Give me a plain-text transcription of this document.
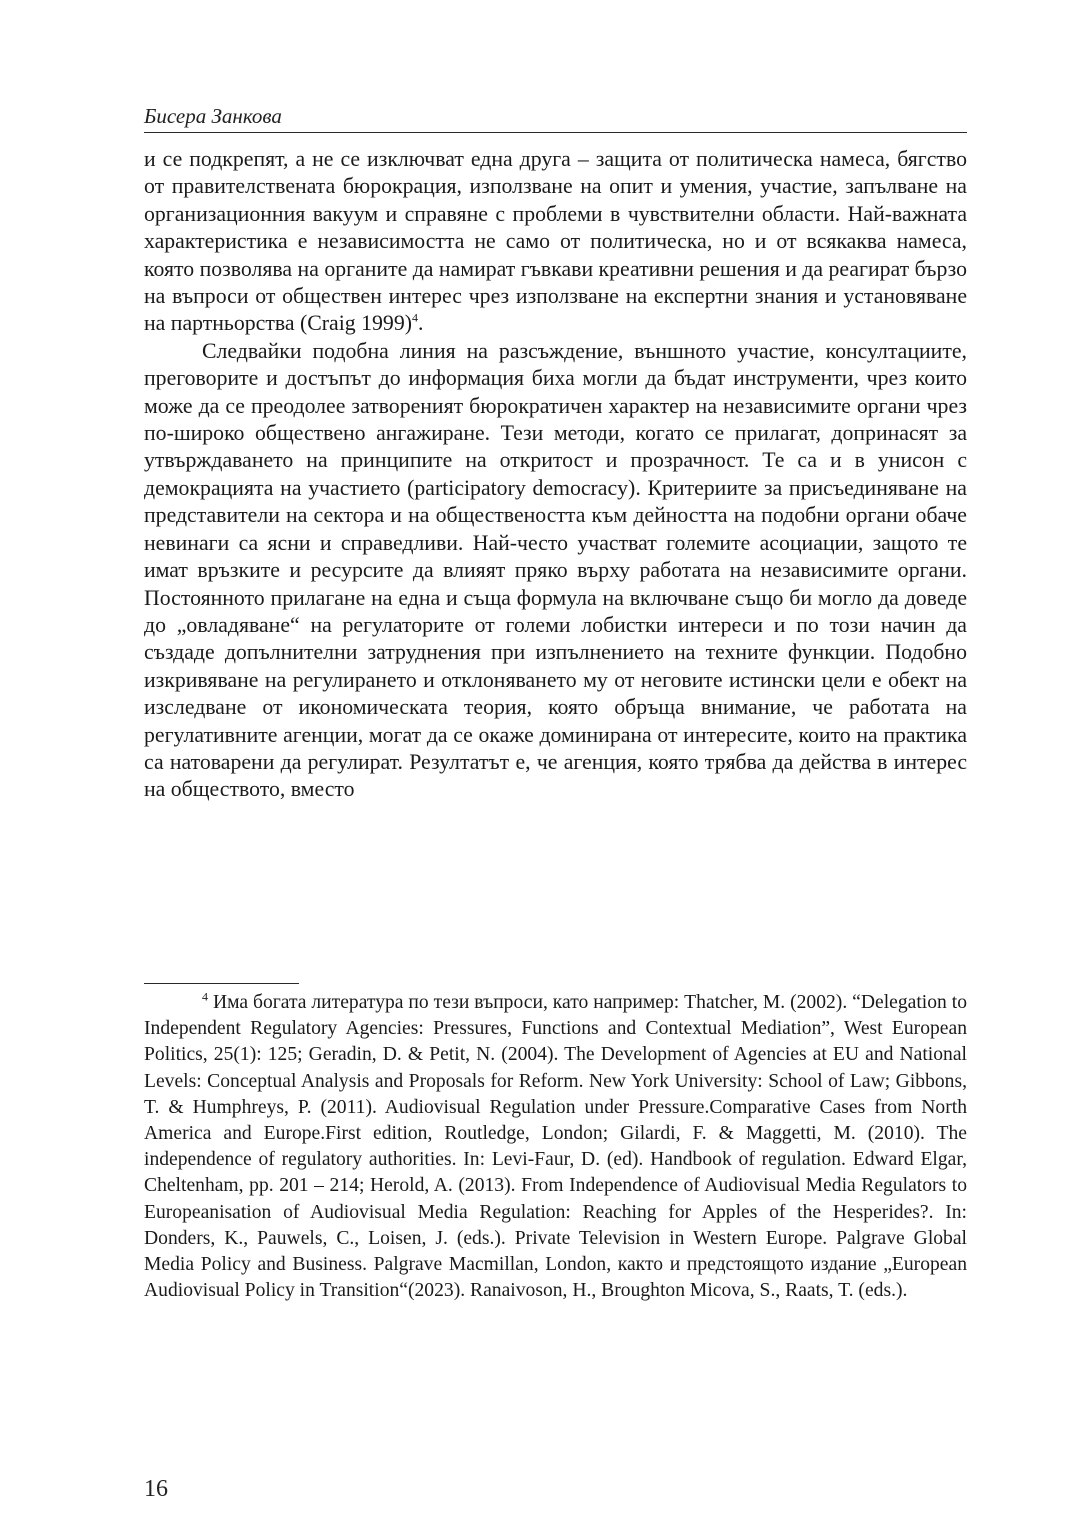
Бисера Занкова

и се подкрепят, а не се изключват една друга – защита от политическа намеса, бягство от правителствената бюрокрация, използване на опит и умения, участие, запълване на организационния вакуум и справяне с проблеми в чувствителни области. Най-важната характеристика е независимостта не само от политическа, но и от всякаква намеса, която позволява на органите да намират гъвкави креативни решения и да реагират бързо на въпроси от обществен интерес чрез използване на експертни знания и установяване на партньорства (Craig 1999)$^4$.

Следвайки подобна линия на разсъждение, външното участие, консултациите, преговорите и достъпът до информация биха могли да бъдат инструменти, чрез които може да се преодолее затвореният бюрократичен характер на независимите органи чрез по-широко обществено ангажиране. Тези методи, когато се прилагат, допринасят за утвърждаването на принципите на откритост и прозрачност. Те са и в унисон с демокрацията на участието (participatory democracy). Критериите за присъединяване на представители на сектора и на обществеността към дейността на подобни органи обаче невинаги са ясни и справедливи. Най-често участват големите асоциации, защото те имат връзките и ресурсите да влияят пряко върху работата на независимите органи. Постоянното прилагане на една и съща формула на включване също би могло да доведе до „овладяване“ на регулаторите от големи лобистки интереси и по този начин да създаде допълнителни затруднения при изпълнението на техните функции. Подобно изкривяване на регулирането и отклоняването му от неговите истински цели е обект на изследване от икономическата теория, която обръща внимание, че работата на регулативните агенции, могат да се окаже доминирана от интересите, които на практика са натоварени да регулират. Резултатът е, че агенция, която трябва да действа в интерес на обществото, вместо

$^4$ Има богата литература по тези въпроси, като например: Thatcher, M. (2002). “Delegation to Independent Regulatory Agencies: Pressures, Functions and Contextual Mediation”, West European Politics, 25(1): 125; Geradin, D. & Petit, N. (2004). The Development of Agencies at EU and National Levels: Conceptual Analysis and Proposals for Reform. New York University: School of Law; Gibbons, T. & Humphreys, P. (2011). Audiovisual Regulation under Pressure.Comparative Cases from North America and Europe.First edition, Routledge, London; Gilardi, F. & Maggetti, M. (2010). The independence of regulatory authorities. In: Levi-Faur, D. (ed). Handbook of regulation. Edward Elgar, Cheltenham, pp. 201 – 214; Herold, A. (2013). From Independence of Audiovisual Media Regulators to Europeanisation of Audiovisual Media Regulation: Reaching for Apples of the Hesperides?. In: Donders, K., Pauwels, C., Loisen, J. (eds.). Private Television in Western Europe. Palgrave Global Media Policy and Business. Palgrave Macmillan, London, както и предстоящото издание „European Audiovisual Policy in Transition“(2023). Ranaivoson, H., Broughton Micova, S., Raats, T. (eds.).

16
